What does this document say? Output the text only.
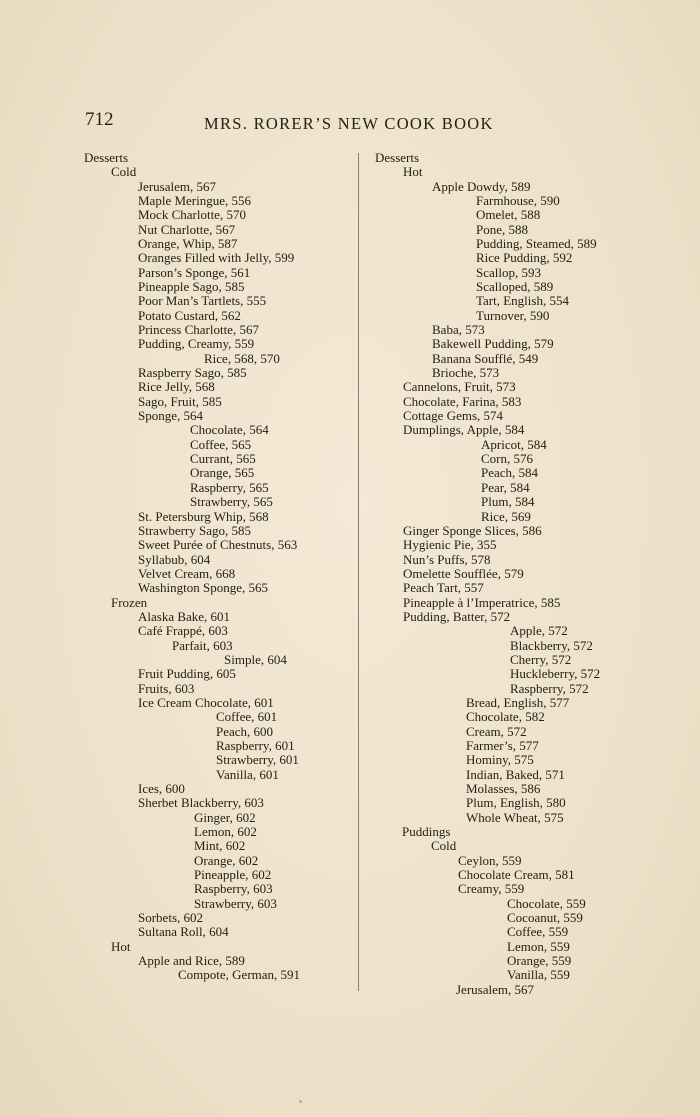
712	MRS. RORER’S NEW COOK BOOK
Desserts
Cold
Jerusalem, 567
Maple Meringue, 556
Mock Charlotte, 570
Nut Charlotte, 567
Orange, Whip, 587
Oranges Filled with Jelly, 599
Parson’s Sponge, 561
Pineapple Sago, 585
Poor Man’s Tartlets, 555
Potato Custard, 562
Princess Charlotte, 567
Pudding, Creamy, 559
Rice, 568, 570
Raspberry Sago, 585
Rice Jelly, 568
Sago, Fruit, 585
Sponge, 564
Chocolate, 564
Coffee, 565
Currant, 565
Orange, 565
Raspberry, 565
Strawberry, 565
St. Petersburg Whip, 568
Strawberry Sago, 585
Sweet Purée of Chestnuts, 563
Syllabub, 604
Velvet Cream, 668
Washington Sponge, 565
Frozen
Alaska Bake, 601
Café Frappé, 603
Parfait, 603
Simple, 604
Fruit Pudding, 605
Fruits, 603
Ice Cream Chocolate, 601
Coffee, 601
Peach, 600
Raspberry, 601
Strawberry, 601
Vanilla, 601
Ices, 600
Sherbet Blackberry, 603
Ginger, 602
Lemon, 602
Mint, 602
Orange, 602
Pineapple, 602
Raspberry, 603
Strawberry, 603
Sorbets, 602
Sultana Roll, 604
Hot
Apple and Rice, 589
Compote, German, 591
Desserts
Hot
Apple Dowdy, 589
Farmhouse, 590
Omelet, 588
Pone, 588
Pudding, Steamed, 589
Rice Pudding, 592
Scallop, 593
Scalloped, 589
Tart, English, 554
Turnover, 590
Baba, 573
Bakewell Pudding, 579
Banana Soufflé, 549
Brioche, 573
Cannelons, Fruit, 573
Chocolate, Farina, 583
Cottage Gems, 574
Dumplings, Apple, 584
Apricot, 584
Corn, 576
Peach, 584
Pear, 584
Plum, 584
Rice, 569
Ginger Sponge Slices, 586
Hygienic Pie, 355
Nun’s Puffs, 578
Omelette Soufflée, 579
Peach Tart, 557
Pineapple à l’Imperatrice, 585
Pudding, Batter, 572
Apple, 572
Blackberry, 572
Cherry, 572
Huckleberry, 572
Raspberry, 572
Bread, English, 577
Chocolate, 582
Cream, 572
Farmer’s, 577
Hominy, 575
Indian, Baked, 571
Molasses, 586
Plum, English, 580
Whole Wheat, 575
Puddings
Cold
Ceylon, 559
Chocolate Cream, 581
Creamy, 559
Chocolate, 559
Cocoanut, 559
Coffee, 559
Lemon, 559
Orange, 559
Vanilla, 559
Jerusalem, 567
